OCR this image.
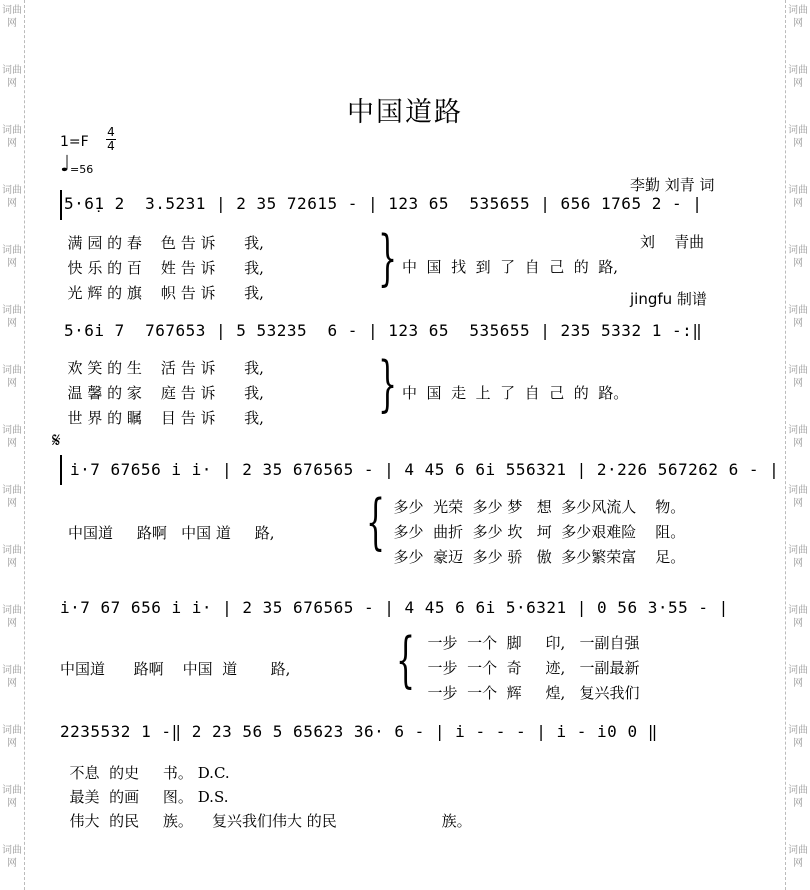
词曲网
词曲网
词曲网
词曲网
词曲网
词曲网
词曲网
词曲网
词曲网
词曲网
词曲网
词曲网
词曲网
词曲网
词曲网
词曲网
词曲网
词曲网
词曲网
词曲网
词曲网
词曲网
词曲网
词曲网
词曲网
词曲网
词曲网
词曲网
词曲网
词曲网
中国道路

李勤 刘青 词

刘    青曲

jingfu 制谱

1=F
4
4
♩ =56
5·6̣1 2  3.5231 | 2 35 72615 - | 123 65  535655 | 656 1765 2 - |

满 园 的 春    色 告 诉      我,

快 乐 的 百    姓 告 诉      我,

光 辉 的 旗    帜 告 诉      我, } 中  国  找  到  了  自  己  的  路,
5·6i 7  767653 | 5 53235  6 - | 123 65  535655 | 235 5332 1 -:‖

欢 笑 的 生    活 告 诉      我,

温 馨 的 家    庭 告 诉      我,

世 界 的 瞩    目 告 诉      我, } 中  国  走  上  了  自  己  的  路。
𝄋
i·7 67656 i i· | 2 35 676565 - | 4 45 6 6i 556321 | 2·226 567262 6 - |
中国道     路啊   中国 道     路, {

多少  光荣  多少 梦   想  多少风流人    物。

多少  曲折  多少 坎   坷  多少艰难险    阻。

多少  豪迈  多少 骄   傲  多少繁荣富    足。

i·7 67 656 i i· | 2 35 676565 - | 4 45 6 6i 5·6321 | 0 56 3·55 - |
中国道      路啊    中国  道       路, {

一步  一个  脚     印,   一副自强

一步  一个  奇     迹,   一副最新

一步  一个  辉     煌,   复兴我们

2235532 1 -‖ 2 23 56 5 65623 36· 6 - | i - - - | i - i0 0 ‖

不息  的史     书。 D.C.

最美  的画     图。 D.S.

伟大  的民     族。    复兴我们伟大 的民                      族。
